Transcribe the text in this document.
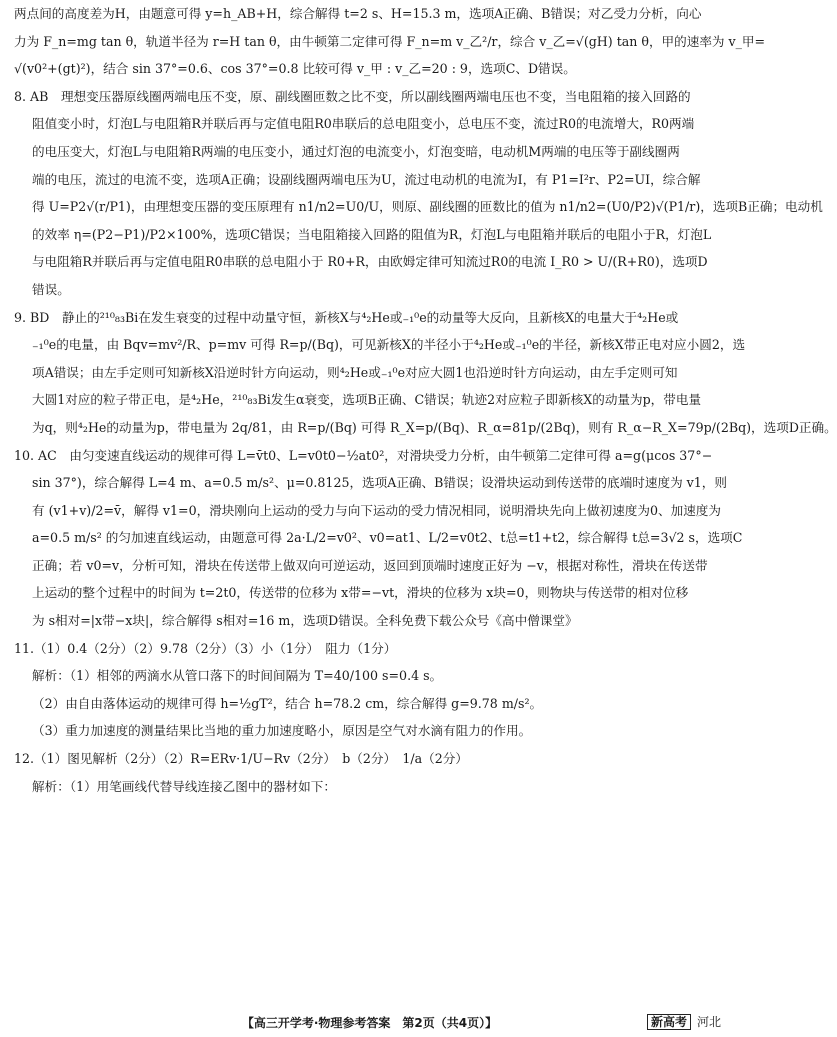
两点间的高度差为H，由题意可得 y=h_AB+H，综合解得 t=2 s、H=15.3 m，选项A正确、B错误；对乙受力分析，向心
力为 F_n=mg tan θ，轨道半径为 r=H tan θ，由牛顿第二定律可得 F_n=m v_乙²/r，综合 v_乙=√(gH) tan θ，甲的速率为 v_甲=
√(v0²+(gt)²)，结合 sin 37°=0.6、cos 37°=0.8 比较可得 v_甲 : v_乙=20 : 9，选项C、D错误。
8. AB　理想变压器原线圈两端电压不变，原、副线圈匝数之比不变，所以副线圈两端电压也不变，当电阻箱的接入回路的
阻值变小时，灯泡L与电阻箱R并联后再与定值电阻R0串联后的总电阻变小，总电压不变，流过R0的电流增大，R0两端
的电压变大，灯泡L与电阻箱R两端的电压变小，通过灯泡的电流变小，灯泡变暗，电动机M两端的电压等于副线圈两
端的电压，流过的电流不变，选项A正确；设副线圈两端电压为U，流过电动机的电流为I，有 P1=I²r、P2=UI，综合解
得 U=P2√(r/P1)，由理想变压器的变压原理有 n1/n2=U0/U，则原、副线圈的匝数比的值为 n1/n2=(U0/P2)√(P1/r)，选项B正确；电动机
的效率 η=(P2−P1)/P2×100%，选项C错误；当电阻箱接入回路的阻值为R，灯泡L与电阻箱并联后的电阻小于R，灯泡L
与电阻箱R并联后再与定值电阻R0串联的总电阻小于 R0+R，由欧姆定律可知流过R0的电流 I_R0 > U/(R+R0)，选项D
错误。
9. BD　静止的²¹⁰₈₃Bi在发生衰变的过程中动量守恒，新核X与⁴₂He或₋₁⁰e的动量等大反向，且新核X的电量大于⁴₂He或
₋₁⁰e的电量，由 Bqv=mv²/R、p=mv 可得 R=p/(Bq)，可见新核X的半径小于⁴₂He或₋₁⁰e的半径，新核X带正电对应小圆2，选
项A错误；由左手定则可知新核X沿逆时针方向运动，则⁴₂He或₋₁⁰e对应大圆1也沿逆时针方向运动，由左手定则可知
大圆1对应的粒子带正电，是⁴₂He，²¹⁰₈₃Bi发生α衰变，选项B正确、C错误；轨迹2对应粒子即新核X的动量为p，带电量
为q，则⁴₂He的动量为p，带电量为 2q/81，由 R=p/(Bq) 可得 R_X=p/(Bq)、R_α=81p/(2Bq)，则有 R_α−R_X=79p/(2Bq)，选项D正确。
10. AC　由匀变速直线运动的规律可得 L=v̄t0、L=v0t0−½at0²，对滑块受力分析，由牛顿第二定律可得 a=g(μcos 37°−
sin 37°)，综合解得 L=4 m、a=0.5 m/s²、μ=0.8125，选项A正确、B错误；设滑块运动到传送带的底端时速度为 v1，则
有 (v1+v)/2=v̄，解得 v1=0，滑块刚向上运动的受力与向下运动的受力情况相同，说明滑块先向上做初速度为0、加速度为
a=0.5 m/s² 的匀加速直线运动，由题意可得 2a·L/2=v0²、v0=at1、L/2=v0t2、t总=t1+t2，综合解得 t总=3√2 s，选项C
正确；若 v0=v，分析可知，滑块在传送带上做双向可逆运动，返回到顶端时速度正好为 −v，根据对称性，滑块在传送带
上运动的整个过程中的时间为 t=2t0，传送带的位移为 x带=−vt，滑块的位移为 x块=0，则物块与传送带的相对位移
为 s相对=|x带−x块|，综合解得 s相对=16 m，选项D错误。全科免费下载公众号《高中僧课堂》
11.（1）0.4（2分）（2）9.78（2分）（3）小（1分）　阻力（1分）
解析：（1）相邻的两滴水从管口落下的时间间隔为 T=40/100 s=0.4 s。
（2）由自由落体运动的规律可得 h=½gT²，结合 h=78.2 cm，综合解得 g=9.78 m/s²。
（3）重力加速度的测量结果比当地的重力加速度略小，原因是空气对水滴有阻力的作用。
12.（1）图见解析（2分）（2）R=ERv·1/U−Rv（2分）　b（2分）　1/a（2分）
解析：（1）用笔画线代替导线连接乙图中的器材如下：
【高三开学考·物理参考答案　第2页（共4页）】	新高考 河北
